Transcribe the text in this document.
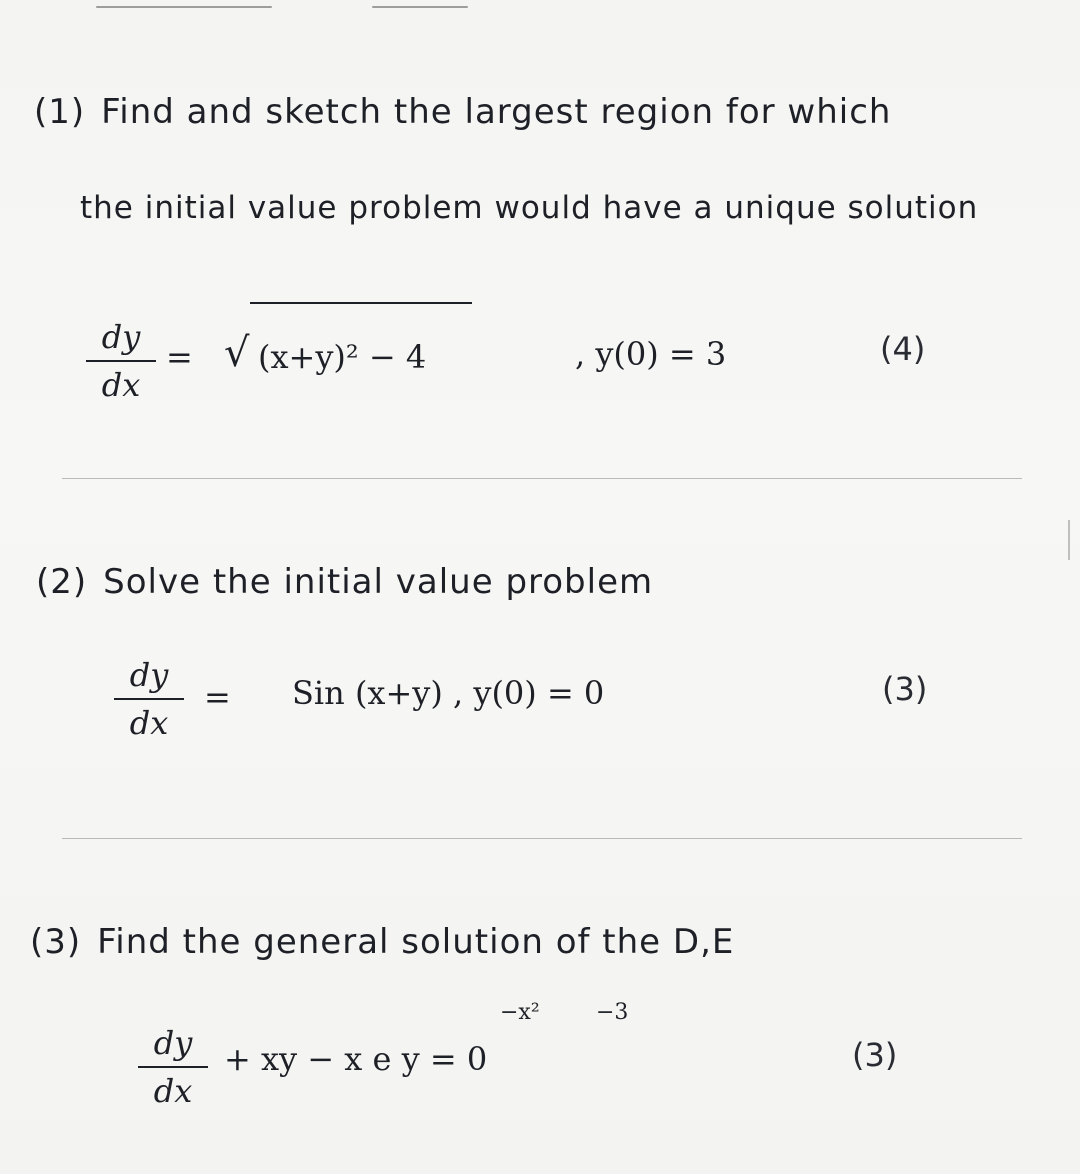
(1) Find and sketch the largest region for which
the initial value problem would have a unique solution
dy
dx
= √ (x+y)² − 4	, y(0) = 3	(4)
(2) Solve the initial value problem
dy
dx
= Sin (x+y) , y(0) = 0	(3)
(3) Find the general solution of the D,E
dy
dx
+ xy − x e y = 0
−x²	−3
(3)
